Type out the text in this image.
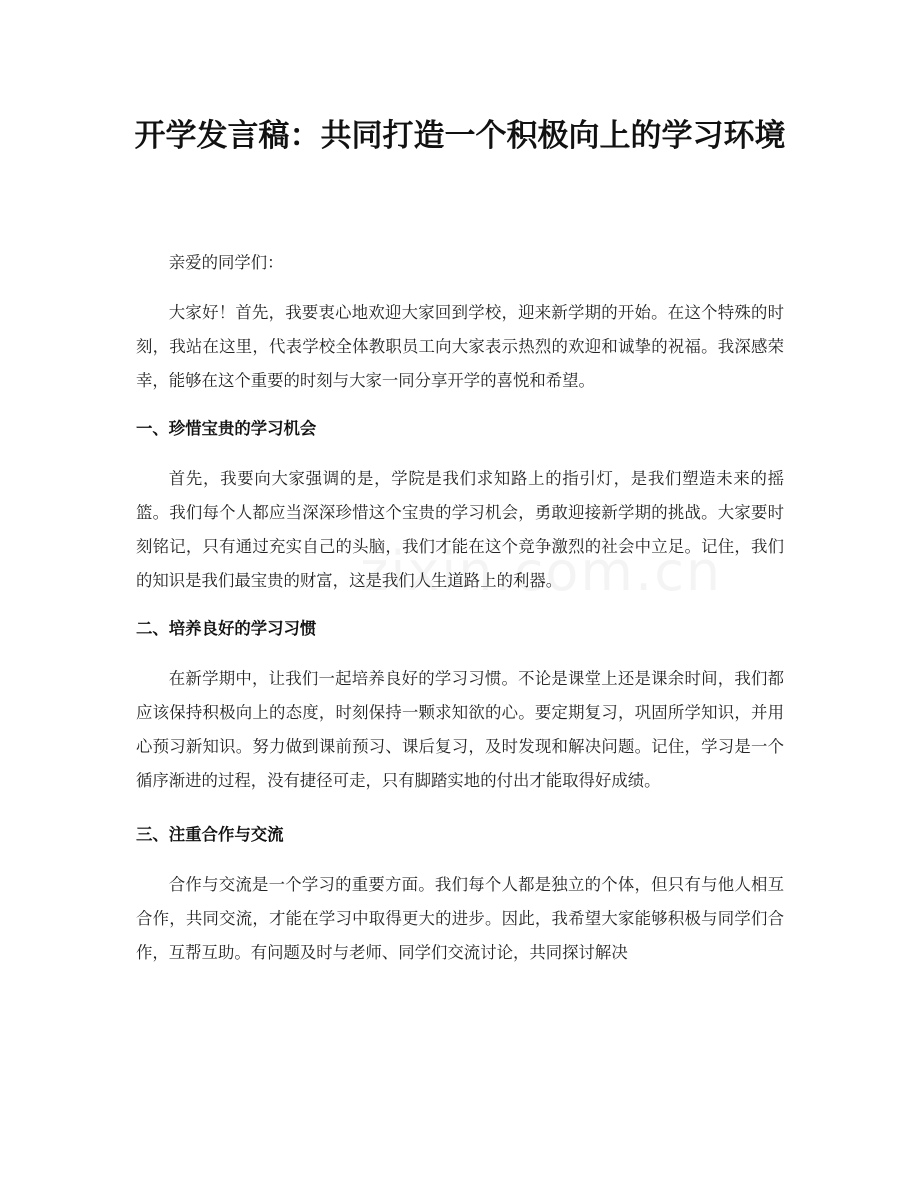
开学发言稿：共同打造一个积极向上的学习环境

亲爱的同学们：

大家好！首先，我要衷心地欢迎大家回到学校，迎来新学期的开始。在这个特殊的时刻，我站在这里，代表学校全体教职员工向大家表示热烈的欢迎和诚挚的祝福。我深感荣幸，能够在这个重要的时刻与大家一同分享开学的喜悦和希望。

一、珍惜宝贵的学习机会

首先，我要向大家强调的是，学院是我们求知路上的指引灯，是我们塑造未来的摇篮。我们每个人都应当深深珍惜这个宝贵的学习机会，勇敢迎接新学期的挑战。大家要时刻铭记，只有通过充实自己的头脑，我们才能在这个竞争激烈的社会中立足。记住，我们的知识是我们最宝贵的财富，这是我们人生道路上的利器。

二、培养良好的学习习惯

在新学期中，让我们一起培养良好的学习习惯。不论是课堂上还是课余时间，我们都应该保持积极向上的态度，时刻保持一颗求知欲的心。要定期复习，巩固所学知识，并用心预习新知识。努力做到课前预习、课后复习，及时发现和解决问题。记住，学习是一个循序渐进的过程，没有捷径可走，只有脚踏实地的付出才能取得好成绩。

三、注重合作与交流

合作与交流是一个学习的重要方面。我们每个人都是独立的个体，但只有与他人相互合作，共同交流，才能在学习中取得更大的进步。因此，我希望大家能够积极与同学们合作，互帮互助。有问题及时与老师、同学们交流讨论，共同探讨解决
